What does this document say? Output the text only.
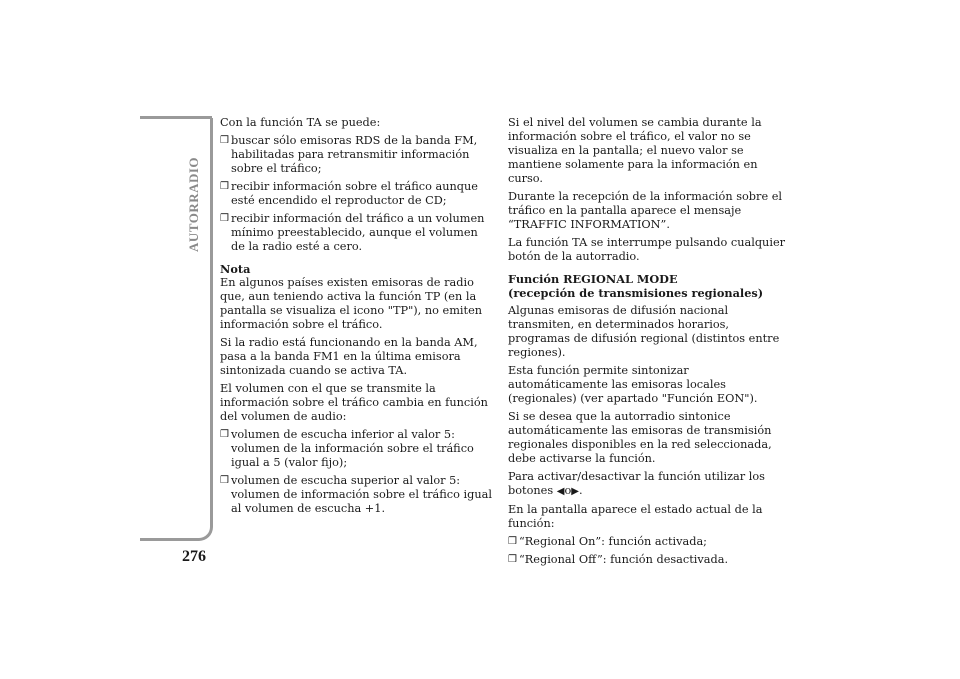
AUTORRADIO
276

Con la función TA se puede:

❒ buscar sólo emisoras RDS de la banda FM, habilitadas para retransmitir información sobre el tráfico;
❒ recibir información sobre el tráfico aunque esté encendido el reproductor de CD;
❒ recibir información del tráfico a un volumen mínimo preestablecido, aunque el volumen de la radio esté a cero.

Nota

En algunos países existen emisoras de radio que, aun teniendo activa la función TP (en la pantalla se visualiza el icono "TP"), no emiten información sobre el tráfico.

Si la radio está funcionando en la banda AM, pasa a la banda FM1 en la última emisora sintonizada cuando se activa TA.

El volumen con el que se transmite la información sobre el tráfico cambia en función del volumen de audio:

❒ volumen de escucha inferior al valor 5: volumen de la información sobre el tráfico igual a 5 (valor fijo);
❒ volumen de escucha superior al valor 5: volumen de información sobre el tráfico igual al volumen de escucha +1.

Si el nivel del volumen se cambia durante la información sobre el tráfico, el valor no se visualiza en la pantalla; el nuevo valor se mantiene solamente para la información en curso.

Durante la recepción de la información sobre el tráfico en la pantalla aparece el mensaje “TRAFFIC INFORMATION”.

La función TA se interrumpe pulsando cualquier botón de la autorradio.

Función REGIONAL MODE

(recepción de transmisiones regionales)

Algunas emisoras de difusión nacional transmiten, en determinados horarios, programas de difusión regional (distintos entre regiones).

Esta función permite sintonizar automáticamente las emisoras locales (regionales) (ver apartado "Función EON").

Si se desea que la autorradio sintonice automáticamente las emisoras de transmisión regionales disponibles en la red seleccionada, debe activarse la función.

Para activar/desactivar la función utilizar los botones ◀o▶.

En la pantalla aparece el estado actual de la función:

❒ “Regional On”: función activada;
❒ “Regional Off”: función desactivada.
